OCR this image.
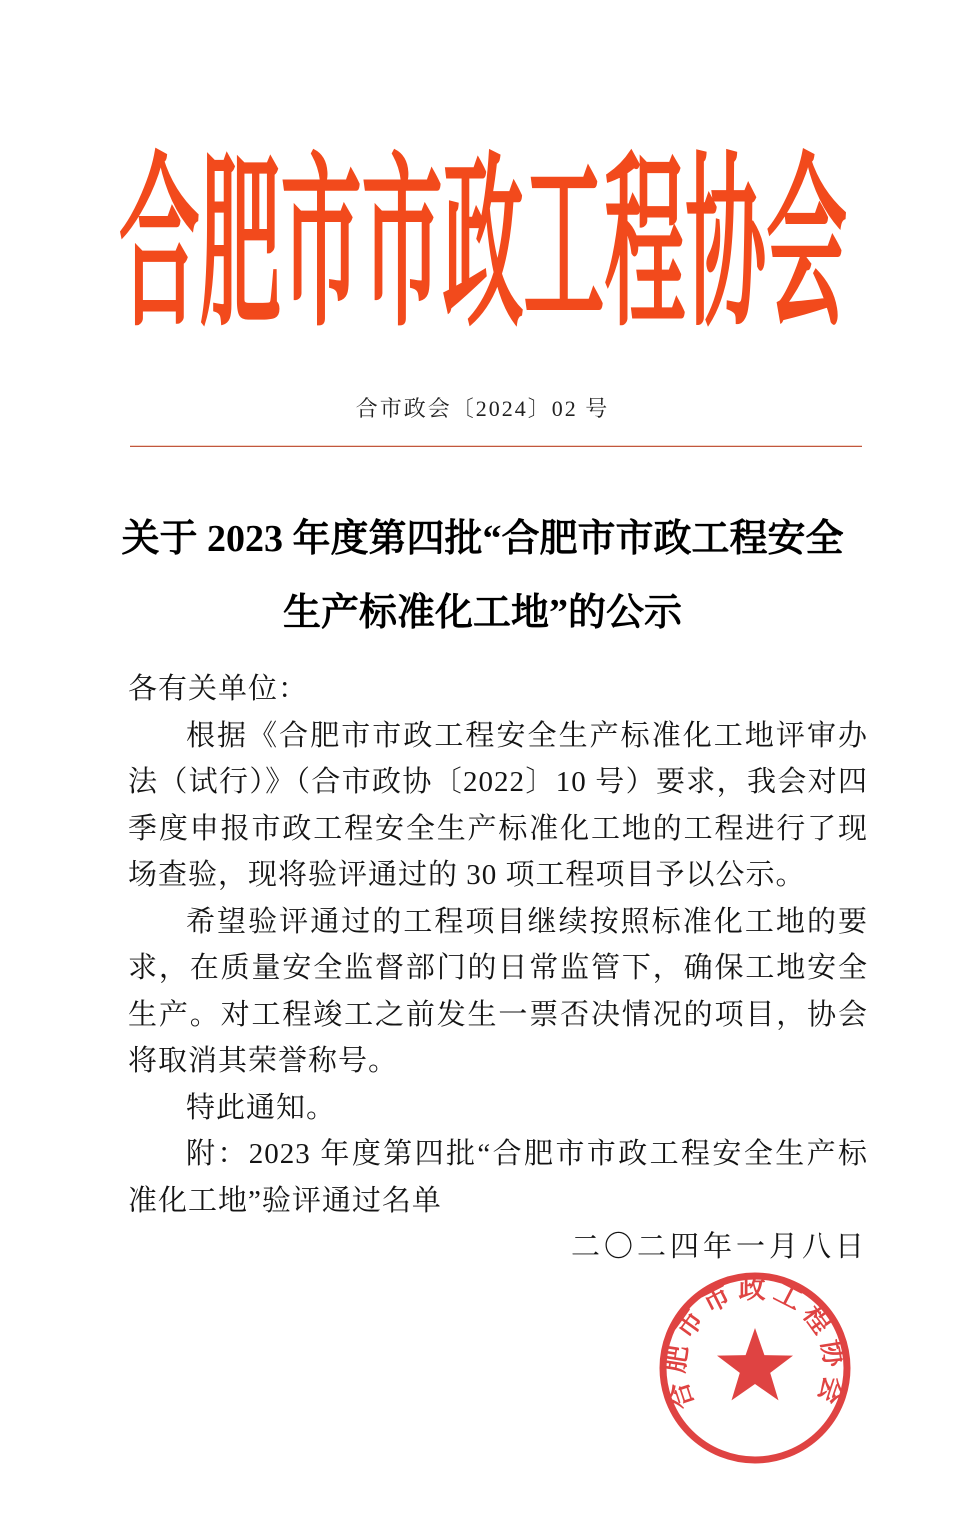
合肥市市政工程协会
合市政会〔2024〕02 号
关于 2023 年度第四批“合肥市市政工程安全
生产标准化工地”的公示

各有关单位：

根据《合肥市市政工程安全生产标准化工地评审办法（试行）》（合市政协〔2022〕10 号）要求，我会对四季度申报市政工程安全生产标准化工地的工程进行了现场查验，现将验评通过的 30 项工程项目予以公示。

希望验评通过的工程项目继续按照标准化工地的要求，在质量安全监督部门的日常监管下，确保工地安全生产。对工程竣工之前发生一票否决情况的项目，协会将取消其荣誉称号。

特此通知。

附：2023 年度第四批“合肥市市政工程安全生产标准化工地”验评通过名单

二〇二四年一月八日

合肥市市政工程协会
